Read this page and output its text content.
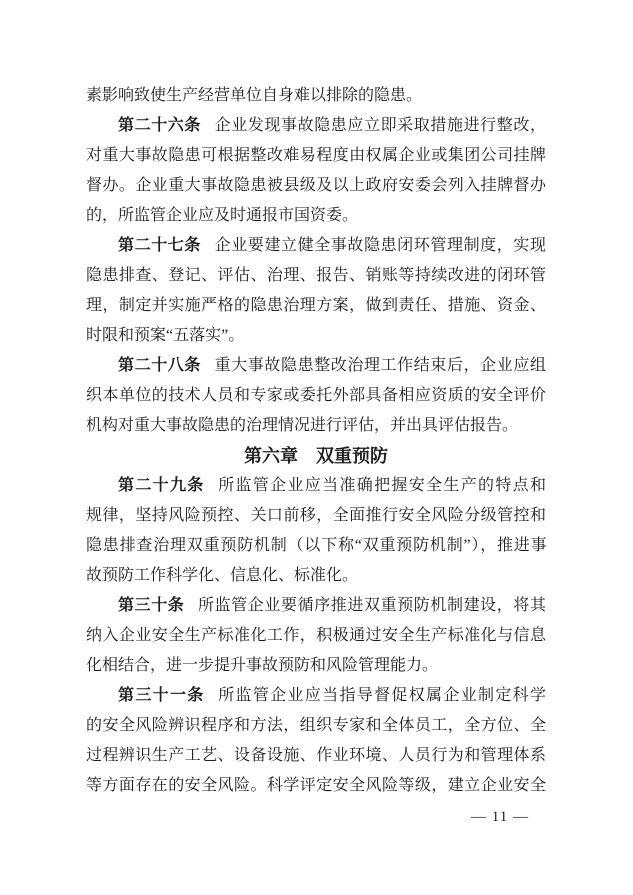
素影响致使生产经营单位自身难以排除的隐患。
第二十六条 企业发现事故隐患应立即采取措施进行整改，
对重大事故隐患可根据整改难易程度由权属企业或集团公司挂牌
督办。企业重大事故隐患被县级及以上政府安委会列入挂牌督办
的，所监管企业应及时通报市国资委。
第二十七条 企业要建立健全事故隐患闭环管理制度，实现
隐患排查、登记、评估、治理、报告、销账等持续改进的闭环管
理，制定并实施严格的隐患治理方案，做到责任、措施、资金、
时限和预案“五落实”。
第二十八条 重大事故隐患整改治理工作结束后，企业应组
织本单位的技术人员和专家或委托外部具备相应资质的安全评价
机构对重大事故隐患的治理情况进行评估，并出具评估报告。
第六章　双重预防
第二十九条 所监管企业应当准确把握安全生产的特点和
规律，坚持风险预控、关口前移，全面推行安全风险分级管控和
隐患排查治理双重预防机制（以下称“双重预防机制”），推进事
故预防工作科学化、信息化、标准化。
第三十条 所监管企业要循序推进双重预防机制建设，将其
纳入企业安全生产标准化工作，积极通过安全生产标准化与信息
化相结合，进一步提升事故预防和风险管理能力。
第三十一条 所监管企业应当指导督促权属企业制定科学
的安全风险辨识程序和方法，组织专家和全体员工，全方位、全
过程辨识生产工艺、设备设施、作业环境、人员行为和管理体系
等方面存在的安全风险。科学评定安全风险等级，建立企业安全
— 11 —
